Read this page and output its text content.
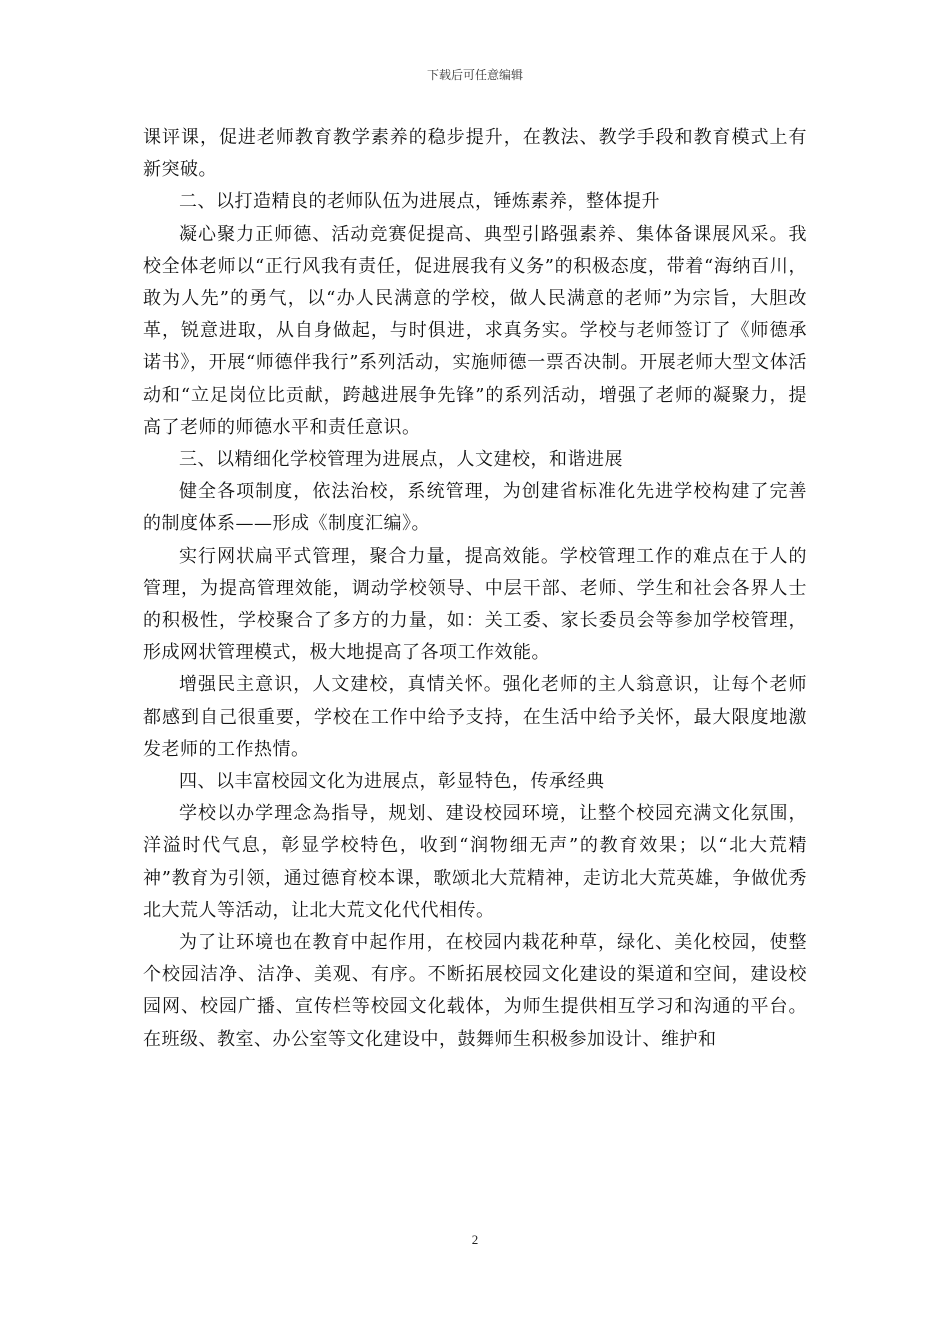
下载后可任意编辑

课评课，促进老师教育教学素养的稳步提升，在教法、教学手段和教育模式上有新突破。

二、以打造精良的老师队伍为进展点，锤炼素养，整体提升

凝心聚力正师德、活动竞赛促提高、典型引路强素养、集体备课展风采。我校全体老师以“正行风我有责任，促进展我有义务”的积极态度，带着“海纳百川，敢为人先”的勇气，以“办人民满意的学校，做人民满意的老师”为宗旨，大胆改革，锐意进取，从自身做起，与时俱进，求真务实。学校与老师签订了《师德承诺书》，开展“师德伴我行”系列活动，实施师德一票否决制。开展老师大型文体活动和“立足岗位比贡献，跨越进展争先锋”的系列活动，增强了老师的凝聚力，提高了老师的师德水平和责任意识。

三、以精细化学校管理为进展点，人文建校，和谐进展

健全各项制度，依法治校，系统管理，为创建省标准化先进学校构建了完善的制度体系——形成《制度汇编》。

实行网状扁平式管理，聚合力量，提高效能。学校管理工作的难点在于人的管理，为提高管理效能，调动学校领导、中层干部、老师、学生和社会各界人士的积极性，学校聚合了多方的力量，如：关工委、家长委员会等参加学校管理，形成网状管理模式，极大地提高了各项工作效能。

增强民主意识，人文建校，真情关怀。强化老师的主人翁意识，让每个老师都感到自己很重要，学校在工作中给予支持，在生活中给予关怀，最大限度地激发老师的工作热情。

四、以丰富校园文化为进展点，彰显特色，传承经典

学校以办学理念為指导，规划、建设校园环境，让整个校园充满文化氛围，洋溢时代气息，彰显学校特色，收到“润物细无声”的教育效果；以“北大荒精神”教育为引领，通过德育校本课，歌颂北大荒精神，走访北大荒英雄，争做优秀北大荒人等活动，让北大荒文化代代相传。

为了让环境也在教育中起作用，在校园内栽花种草，绿化、美化校园，使整个校园洁净、洁净、美观、有序。不断拓展校园文化建设的渠道和空间，建设校园网、校园广播、宣传栏等校园文化载体，为师生提供相互学习和沟通的平台。在班级、教室、办公室等文化建设中，鼓舞师生积极参加设计、维护和

2
